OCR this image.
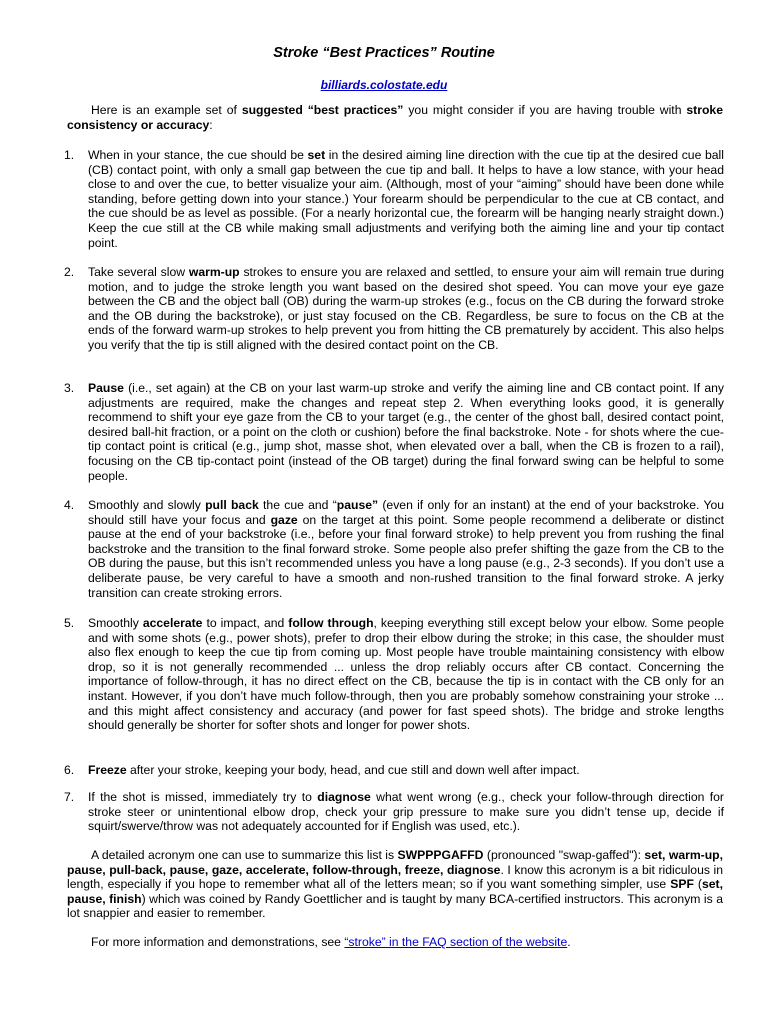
Stroke “Best Practices” Routine
billiards.colostate.edu

Here is an example set of suggested “best practices” you might consider if you are having trouble with stroke consistency or accuracy:

1. When in your stance, the cue should be set in the desired aiming line direction with the cue tip at the desired cue ball (CB) contact point, with only a small gap between the cue tip and ball. It helps to have a low stance, with your head close to and over the cue, to better visualize your aim. (Although, most of your “aiming” should have been done while standing, before getting down into your stance.) Your forearm should be perpendicular to the cue at CB contact, and the cue should be as level as possible. (For a nearly horizontal cue, the forearm will be hanging nearly straight down.) Keep the cue still at the CB while making small adjustments and verifying both the aiming line and your tip contact point.
2. Take several slow warm-up strokes to ensure you are relaxed and settled, to ensure your aim will remain true during motion, and to judge the stroke length you want based on the desired shot speed. You can move your eye gaze between the CB and the object ball (OB) during the warm-up strokes (e.g., focus on the CB during the forward stroke and the OB during the backstroke), or just stay focused on the CB. Regardless, be sure to focus on the CB at the ends of the forward warm-up strokes to help prevent you from hitting the CB prematurely by accident. This also helps you verify that the tip is still aligned with the desired contact point on the CB.
3. Pause (i.e., set again) at the CB on your last warm-up stroke and verify the aiming line and CB contact point. If any adjustments are required, make the changes and repeat step 2. When everything looks good, it is generally recommend to shift your eye gaze from the CB to your target (e.g., the center of the ghost ball, desired contact point, desired ball-hit fraction, or a point on the cloth or cushion) before the final backstroke. Note - for shots where the cue-tip contact point is critical (e.g., jump shot, masse shot, when elevated over a ball, when the CB is frozen to a rail), focusing on the CB tip-contact point (instead of the OB target) during the final forward swing can be helpful to some people.
4. Smoothly and slowly pull back the cue and “pause” (even if only for an instant) at the end of your backstroke. You should still have your focus and gaze on the target at this point. Some people recommend a deliberate or distinct pause at the end of your backstroke (i.e., before your final forward stroke) to help prevent you from rushing the final backstroke and the transition to the final forward stroke. Some people also prefer shifting the gaze from the CB to the OB during the pause, but this isn’t recommended unless you have a long pause (e.g., 2-3 seconds). If you don’t use a deliberate pause, be very careful to have a smooth and non-rushed transition to the final forward stroke. A jerky transition can create stroking errors.
5. Smoothly accelerate to impact, and follow through, keeping everything still except below your elbow. Some people and with some shots (e.g., power shots), prefer to drop their elbow during the stroke; in this case, the shoulder must also flex enough to keep the cue tip from coming up. Most people have trouble maintaining consistency with elbow drop, so it is not generally recommended ... unless the drop reliably occurs after CB contact. Concerning the importance of follow-through, it has no direct effect on the CB, because the tip is in contact with the CB only for an instant. However, if you don’t have much follow-through, then you are probably somehow constraining your stroke ... and this might affect consistency and accuracy (and power for fast speed shots). The bridge and stroke lengths should generally be shorter for softer shots and longer for power shots.
6. Freeze after your stroke, keeping your body, head, and cue still and down well after impact.
7. If the shot is missed, immediately try to diagnose what went wrong (e.g., check your follow-through direction for stroke steer or unintentional elbow drop, check your grip pressure to make sure you didn’t tense up, decide if squirt/swerve/throw was not adequately accounted for if English was used, etc.).

A detailed acronym one can use to summarize this list is SWPPPGAFFD (pronounced "swap-gaffed"): set, warm-up, pause, pull-back, pause, gaze, accelerate, follow-through, freeze, diagnose. I know this acronym is a bit ridiculous in length, especially if you hope to remember what all of the letters mean; so if you want something simpler, use SPF (set, pause, finish) which was coined by Randy Goettlicher and is taught by many BCA-certified instructors. This acronym is a lot snappier and easier to remember.

For more information and demonstrations, see “stroke” in the FAQ section of the website.
